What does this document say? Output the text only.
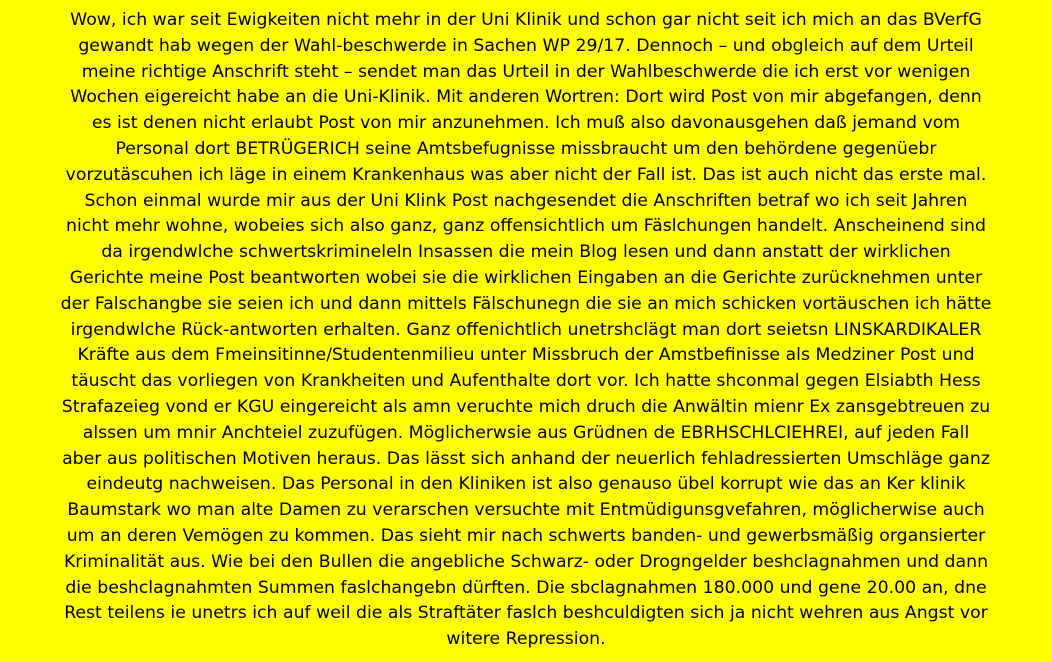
Wow, ich war seit Ewigkeiten nicht mehr in der Uni Klinik und schon gar nicht seit ich mich an das BVerfG
gewandt hab wegen der Wahl-beschwerde in Sachen WP 29/17. Dennoch – und obgleich auf dem Urteil
meine richtige Anschrift steht – sendet man das Urteil in der Wahlbeschwerde die ich erst vor wenigen
Wochen eigereicht habe an die Uni-Klinik. Mit anderen Wortren: Dort wird Post von mir abgefangen, denn
es ist denen nicht erlaubt Post von mir anzunehmen. Ich muß also davonausgehen daß jemand vom
Personal dort BETRÜGERICH seine Amtsbefugnisse missbraucht um den behördene gegenüebr
vorzutäscuhen ich läge in einem Krankenhaus was aber nicht der Fall ist. Das ist auch nicht das erste mal.
Schon einmal wurde mir aus der Uni Klink Post nachgesendet die Anschriften betraf wo ich seit Jahren
nicht mehr wohne, wobeies sich also ganz, ganz offensichtlich um Fäslchungen handelt. Anscheinend sind
da irgendwlche schwertskrimineleln Insassen die mein Blog lesen und dann anstatt der wirklichen
Gerichte meine Post beantworten wobei sie die wirklichen Eingaben an die Gerichte zurücknehmen unter
der Falschangbe sie seien ich und dann mittels Fälschunegn die sie an mich schicken vortäuschen ich hätte
irgendwlche Rück-antworten erhalten. Ganz offenichtlich unetrshclägt man dort seietsn LINSKARDIKALER
Kräfte aus dem Fmeinsitinne/Studentenmilieu unter Missbruch der Amstbefinisse als Medziner Post und
täuscht das vorliegen von Krankheiten und Aufenthalte dort vor. Ich hatte shconmal gegen Elsiabth Hess
Strafazeieg vond er KGU eingereicht als amn veruchte mich druch die Anwältin mienr Ex zansgebtreuen zu
alssen um mnir Anchteiel zuzufügen. Möglicherwsie aus Grüdnen de EBRHSCHLCIEHREI, auf jeden Fall
aber aus politischen Motiven heraus. Das lässt sich anhand der neuerlich fehladressierten Umschläge ganz
eindeutg nachweisen. Das Personal in den Kliniken ist also genauso übel korrupt wie das an Ker klinik
Baumstark wo man alte Damen zu verarschen versuchte mit Entmüdigunsgvefahren, möglicherwise auch
um an deren Vemögen zu kommen. Das sieht mir nach schwerts banden- und gewerbsmäßig organsierter
Kriminalität aus. Wie bei den Bullen die angebliche Schwarz- oder Drogngelder beshclagnahmen und dann
die beshclagnahmten Summen faslchangebn dürften. Die sbclagnahmen 180.000 und gene 20.00 an, dne
Rest teilens ie unetrs ich auf weil die als Straftäter faslch beshculdigten sich ja nicht wehren aus Angst vor
witere Repression.
